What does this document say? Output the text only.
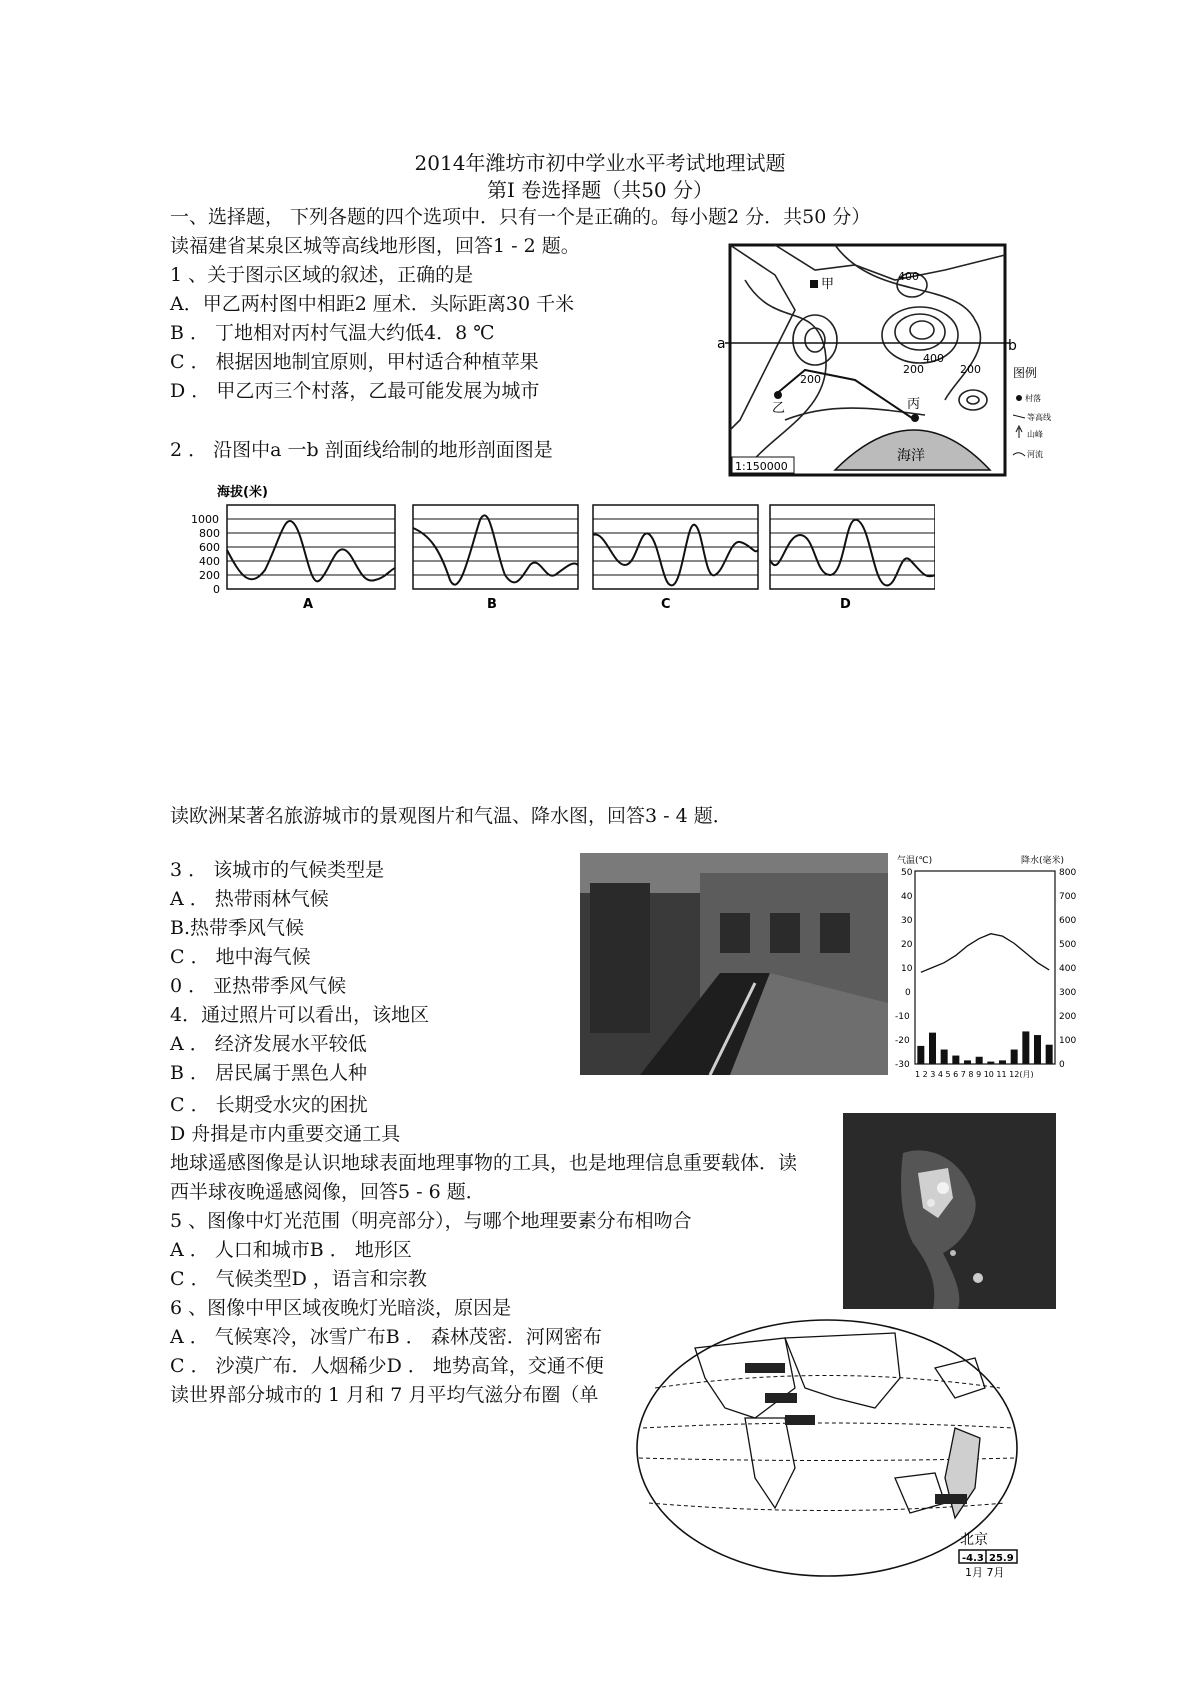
2014年潍坊市初中学业水平考试地理试题
第I 卷选择题（共50 分）
一、选择题， 下列各题的四个选项中．只有一个是正确的。每小题2 分．共50 分）
读福建省某泉区城等高线地形图，回答1 - 2 题。
1 、关于图示区域的叙述，正确的是
A．甲乙两村图中相距2 厘术．头际距离30 千米
B ． 丁地相对丙村气温大约低4．8 ℃
C ． 根据因地制宜原则，甲村适合种植苹果
D ． 甲乙丙三个村落，乙最可能发展为城市
2 ． 沿图中a 一b 剖面线给制的地形剖面图是
甲
乙	丙
海洋
400
400
200
200	200
a	b
1:150000
图例
村落
等高线
山峰
河流
海拔(米)
1000
800
600
400
200
0
A	B	C	D
读欧洲某著名旅游城市的景观图片和气温、降水图，回答3 - 4 题．
3 ． 该城市的气候类型是
A ． 热带雨林气候
B.热带季风气候
C ． 地中海气候
0 ． 亚热带季风气候
4．通过照片可以看出，该地区
A ． 经济发展水平较低
B ． 居民属于黑色人种
C ． 长期受水灾的困扰
D 舟揖是市内重要交通工具
气温(℃)	降水(毫米)
50
40
30
20
10
0
-10
-20
-30
800
700
600
500
400
300
200
100
0
1 2 3 4 5 6 7 8 9 10 11 12(月)
地球遥感图像是认识地球表面地理事物的工具，也是地理信息重要载体．读
西半球夜晚遥感阅像，回答5 - 6 题．
5 、图像中灯光范围（明亮部分），与哪个地理要素分布相吻合
A ． 人口和城市B ． 地形区
C ． 气候类型D ，语言和宗教
6 、图像中甲区域夜晚灯光暗淡，原因是
A ． 气候寒冷，冰雪广布B ． 森林茂密．河网密布
C ． 沙漠广布．人烟稀少D ． 地势高耸，交通不便
读世界部分城市的 1 月和 7 月平均气滋分布圈（单
北京
-4.3 25.9
1月 7月
